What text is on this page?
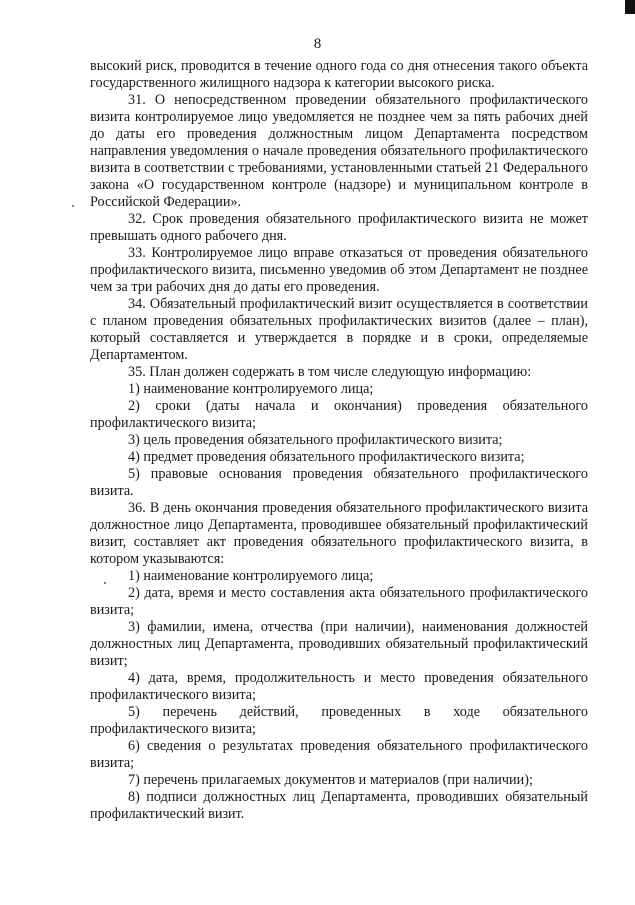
8

высокий риск, проводится в течение одного года со дня отнесения такого объекта государственного жилищного надзора к категории высокого риска.

31. О непосредственном проведении обязательного профилактического визита контролируемое лицо уведомляется не позднее чем за пять рабочих дней до даты его проведения должностным лицом Департамента посредством направления уведомления о начале проведения обязательного профилактического визита в соответствии с требованиями, установленными статьей 21 Федерального закона «О государственном контроле (надзоре) и муниципальном контроле в Российской Федерации».

32. Срок проведения обязательного профилактического визита не может превышать одного рабочего дня.

33. Контролируемое лицо вправе отказаться от проведения обязательного профилактического визита, письменно уведомив об этом Департамент не позднее чем за три рабочих дня до даты его проведения.

34. Обязательный профилактический визит осуществляется в соответствии с планом проведения обязательных профилактических визитов (далее – план), который составляется и утверждается в порядке и в сроки, определяемые Департаментом.

35. План должен содержать в том числе следующую информацию:

1) наименование контролируемого лица;

2) сроки (даты начала и окончания) проведения обязательного профилактического визита;

3) цель проведения обязательного профилактического визита;

4) предмет проведения обязательного профилактического визита;

5) правовые основания проведения обязательного профилактического визита.

36. В день окончания проведения обязательного профилактического визита должностное лицо Департамента, проводившее обязательный профилактический визит, составляет акт проведения обязательного профилактического визита, в котором указываются:

1) наименование контролируемого лица;

2) дата, время и место составления акта обязательного профилактического визита;

3) фамилии, имена, отчества (при наличии), наименования должностей должностных лиц Департамента, проводивших обязательный профилактический визит;

4) дата, время, продолжительность и место проведения обязательного профилактического визита;

5) перечень действий, проведенных в ходе обязательного профилактического визита;

6) сведения о результатах проведения обязательного профилактического визита;

7) перечень прилагаемых документов и материалов (при наличии);

8) подписи должностных лиц Департамента, проводивших обязательный профилактический визит.
